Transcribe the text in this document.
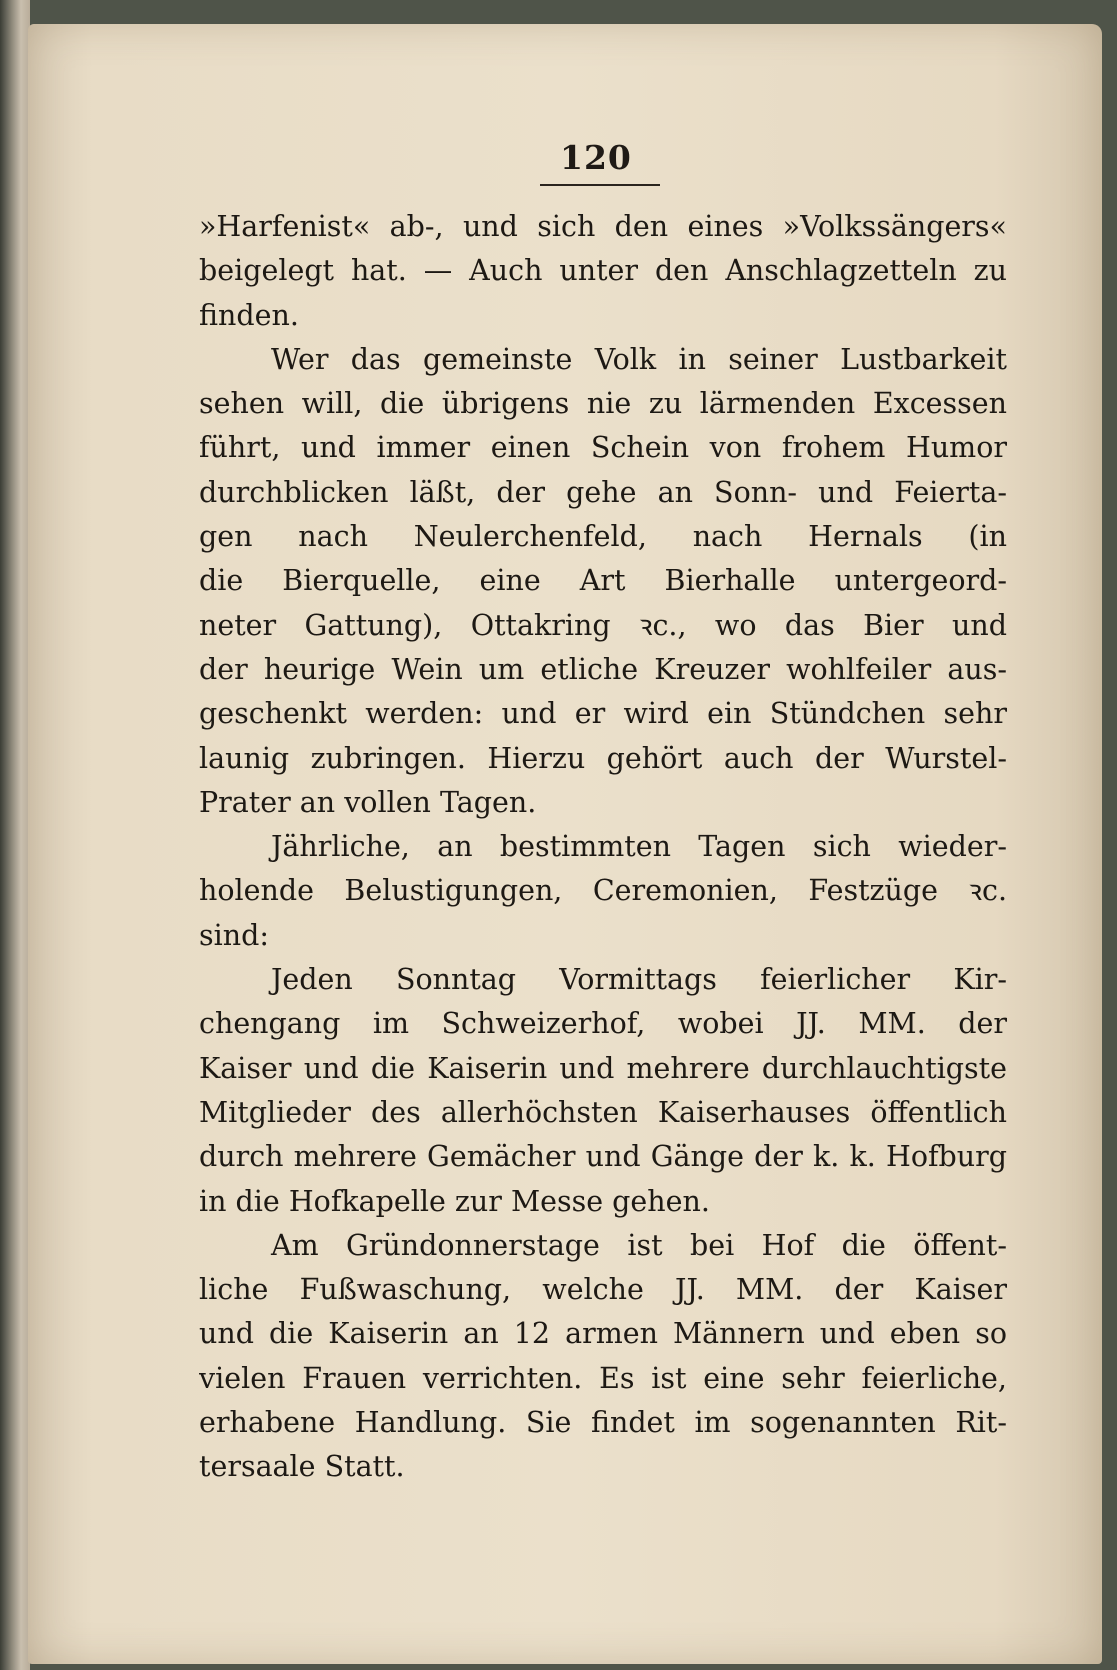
120
»Harfenist« ab-, und sich den eines »Volkssängers«
beigelegt hat. — Auch unter den Anschlagzetteln zu
finden.
Wer das gemeinste Volk in seiner Lustbarkeit
sehen will, die übrigens nie zu lärmenden Excessen
führt, und immer einen Schein von frohem Humor
durchblicken läßt, der gehe an Sonn- und Feierta-
gen nach Neulerchenfeld, nach Hernals (in
die Bierquelle, eine Art Bierhalle untergeord-
neter Gattung), Ottakring ꝛc., wo das Bier und
der heurige Wein um etliche Kreuzer wohlfeiler aus-
geschenkt werden: und er wird ein Stündchen sehr
launig zubringen. Hierzu gehört auch der Wurstel-
Prater an vollen Tagen.
Jährliche, an bestimmten Tagen sich wieder-
holende Belustigungen, Ceremonien, Festzüge ꝛc.
sind:
Jeden Sonntag Vormittags feierlicher Kir-
chengang im Schweizerhof, wobei JJ. MM. der
Kaiser und die Kaiserin und mehrere durchlauchtigste
Mitglieder des allerhöchsten Kaiserhauses öffentlich
durch mehrere Gemächer und Gänge der k. k. Hofburg
in die Hofkapelle zur Messe gehen.
Am Gründonnerstage ist bei Hof die öffent-
liche Fußwaschung, welche JJ. MM. der Kaiser
und die Kaiserin an 12 armen Männern und eben so
vielen Frauen verrichten. Es ist eine sehr feierliche,
erhabene Handlung. Sie findet im sogenannten Rit-
tersaale Statt.
